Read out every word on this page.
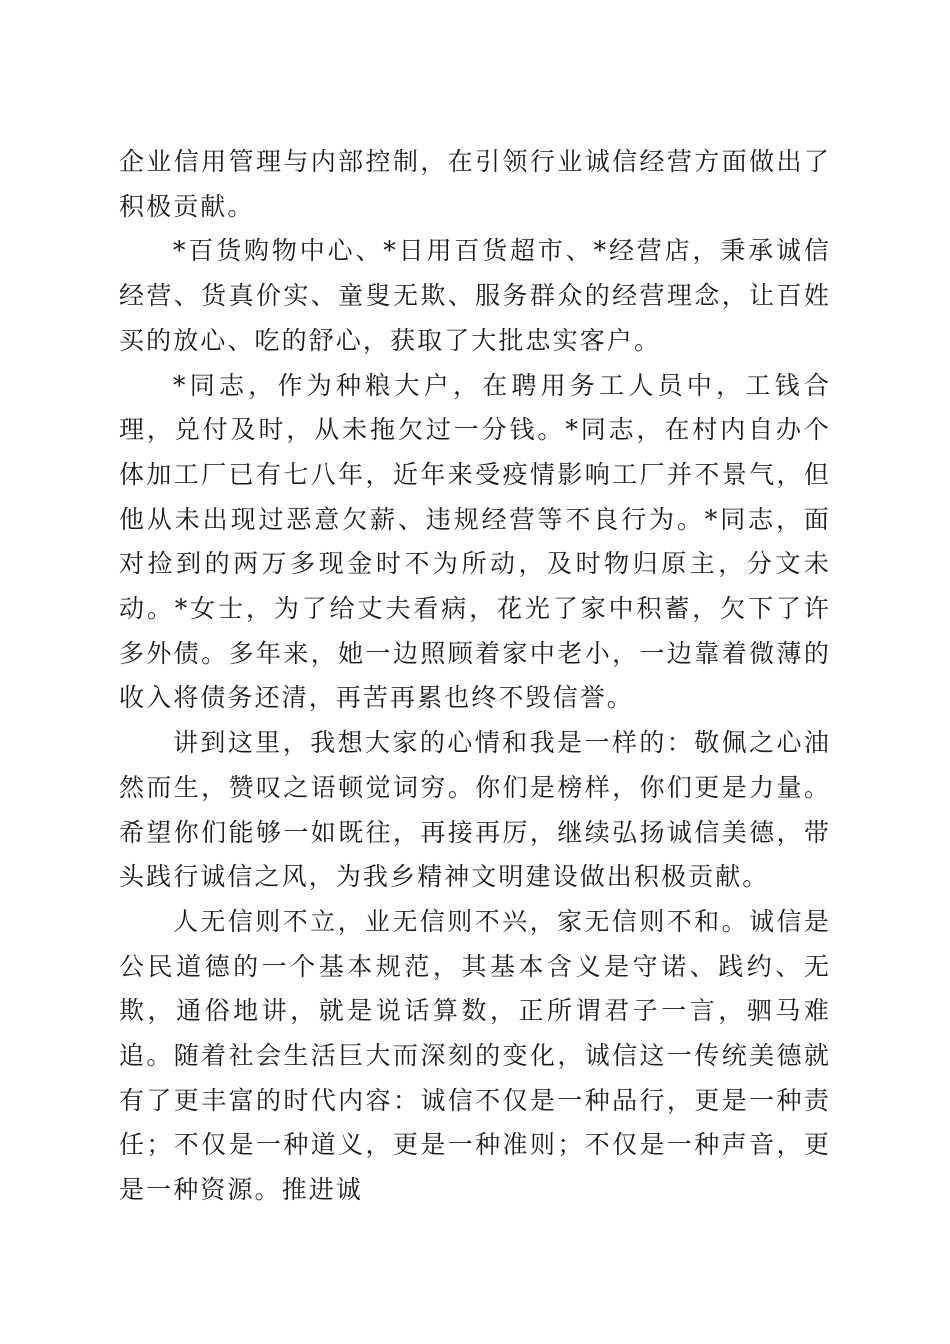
企业信用管理与内部控制，在引领行业诚信经营方面做出了积极贡献。

*百货购物中心、*日用百货超市、*经营店，秉承诚信经营、货真价实、童叟无欺、服务群众的经营理念，让百姓买的放心、吃的舒心，获取了大批忠实客户。

*同志，作为种粮大户，在聘用务工人员中，工钱合理，兑付及时，从未拖欠过一分钱。*同志，在村内自办个体加工厂已有七八年，近年来受疫情影响工厂并不景气，但他从未出现过恶意欠薪、违规经营等不良行为。*同志，面对捡到的两万多现金时不为所动，及时物归原主，分文未动。*女士，为了给丈夫看病，花光了家中积蓄，欠下了许多外债。多年来，她一边照顾着家中老小，一边靠着微薄的收入将债务还清，再苦再累也终不毁信誉。

讲到这里，我想大家的心情和我是一样的：敬佩之心油然而生，赞叹之语顿觉词穷。你们是榜样，你们更是力量。希望你们能够一如既往，再接再厉，继续弘扬诚信美德，带头践行诚信之风，为我乡精神文明建设做出积极贡献。

人无信则不立，业无信则不兴，家无信则不和。诚信是公民道德的一个基本规范，其基本含义是守诺、践约、无欺，通俗地讲，就是说话算数，正所谓君子一言，驷马难追。随着社会生活巨大而深刻的变化，诚信这一传统美德就有了更丰富的时代内容：诚信不仅是一种品行，更是一种责任；不仅是一种道义，更是一种准则；不仅是一种声音，更是一种资源。推进诚
